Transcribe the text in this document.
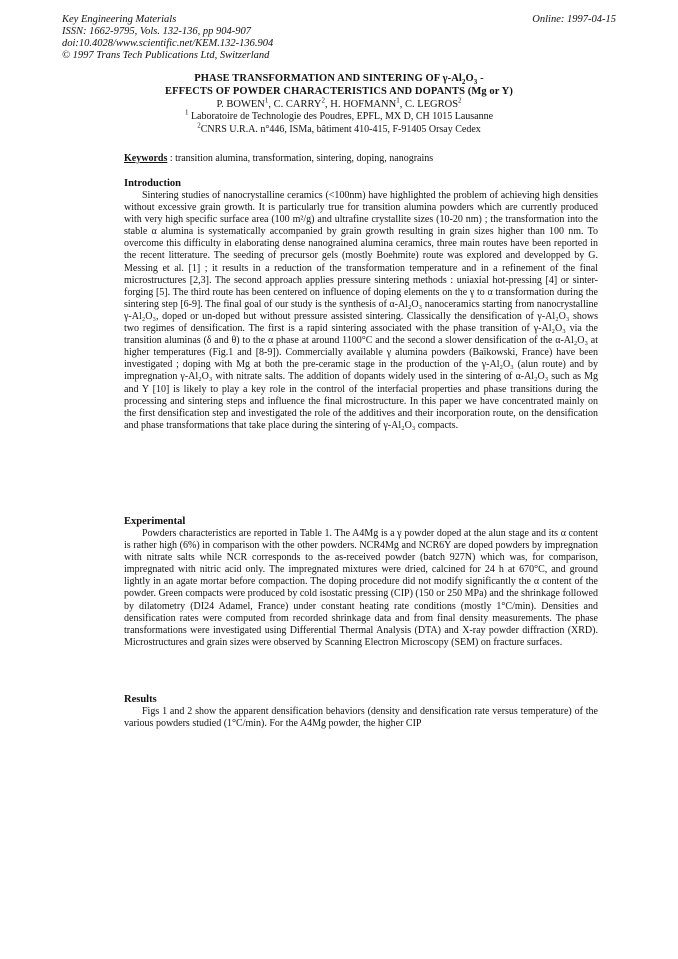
Key Engineering Materials
ISSN: 1662-9795, Vols. 132-136, pp 904-907
doi:10.4028/www.scientific.net/KEM.132-136.904
© 1997 Trans Tech Publications Ltd, Switzerland
Online: 1997-04-15
PHASE TRANSFORMATION AND SINTERING OF $\gamma-Al_2O_3$ -
EFFECTS OF POWDER CHARACTERISTICS AND DOPANTS (Mg or Y)
P. BOWEN$^1$, C. CARRY$^2$, H. HOFMANN$^1$, C. LEGROS$^2$
$^1$ Laboratoire de Technologie des Poudres, EPFL, MX D, CH 1015 Lausanne
$^2$CNRS U.R.A. n°446, ISMa, bâtiment 410-415, F-91405 Orsay Cedex
Keywords : transition alumina, transformation, sintering, doping, nanograins
Introduction

Sintering studies of nanocrystalline ceramics (<100nm) have highlighted the problem of achieving high densities without excessive grain growth. It is particularly true for transition alumina powders which are currently produced with very high specific surface area (100 m²/g) and ultrafine crystallite sizes (10-20 nm) ; the transformation into the stable α alumina is systematically accompanied by grain growth resulting in grain sizes higher than 100 nm. To overcome this difficulty in elaborating dense nanograined alumina ceramics, three main routes have been reported in the recent litterature. The seeding of precursor gels (mostly Boehmite) route was explored and developped by G. Messing et al. [1] ; it results in a reduction of the transformation temperature and in a refinement of the final microstructures [2,3]. The second approach applies pressure sintering methods : uniaxial hot-pressing [4] or sinter-forging [5]. The third route has been centered on influence of doping elements on the γ to α transformation during the sintering step [6-9]. The final goal of our study is the synthesis of α-Al₂O₃ nanoceramics starting from nanocrystalline γ-Al₂O₃, doped or un-doped but without pressure assisted sintering. Classically the densification of γ-Al₂O₃ shows two regimes of densification. The first is a rapid sintering associated with the phase transition of γ-Al₂O₃ via the transition aluminas (δ and θ) to the α phase at around 1100°C and the second a slower densification of the α-Al₂O₃ at higher temperatures (Fig.1 and [8-9]). Commercially available γ alumina powders (Baïkowski, France) have been investigated ; doping with Mg at both the pre-ceramic stage in the production of the γ-Al₂O₃ (alun route) and by impregnation γ-Al₂O₃ with nitrate salts. The addition of dopants widely used in the sintering of α-Al₂O₃ such as Mg and Y [10] is likely to play a key role in the control of the interfacial properties and phase transitions during the processing and sintering steps and influence the final microstructure. In this paper we have concentrated mainly on the first densification step and investigated the role of the additives and their incorporation route, on the densification and phase transformations that take place during the sintering of γ-Al₂O₃ compacts.

Experimental

Powders characteristics are reported in Table 1. The A4Mg is a γ powder doped at the alun stage and its α content is rather high (6%) in comparison with the other powders. NCR4Mg and NCR6Y are doped powders by impregnation with nitrate salts while NCR corresponds to the as-received powder (batch 927N) which was, for comparison, impregnated with nitric acid only. The impregnated mixtures were dried, calcined for 24 h at 670°C, and ground lightly in an agate mortar before compaction. The doping procedure did not modify significantly the α content of the powder. Green compacts were produced by cold isostatic pressing (CIP) (150 or 250 MPa) and the shrinkage followed by dilatometry (DI24 Adamel, France) under constant heating rate conditions (mostly 1°C/min). Densities and densification rates were computed from recorded shrinkage data and from final density measurements. The phase transformations were investigated using Differential Thermal Analysis (DTA) and X-ray powder diffraction (XRD). Microstructures and grain sizes were observed by Scanning Electron Microscopy (SEM) on fracture surfaces.

Results

Figs 1 and 2 show the apparent densification behaviors (density and densification rate versus temperature) of the various powders studied (1°C/min). For the A4Mg powder, the higher CIP
